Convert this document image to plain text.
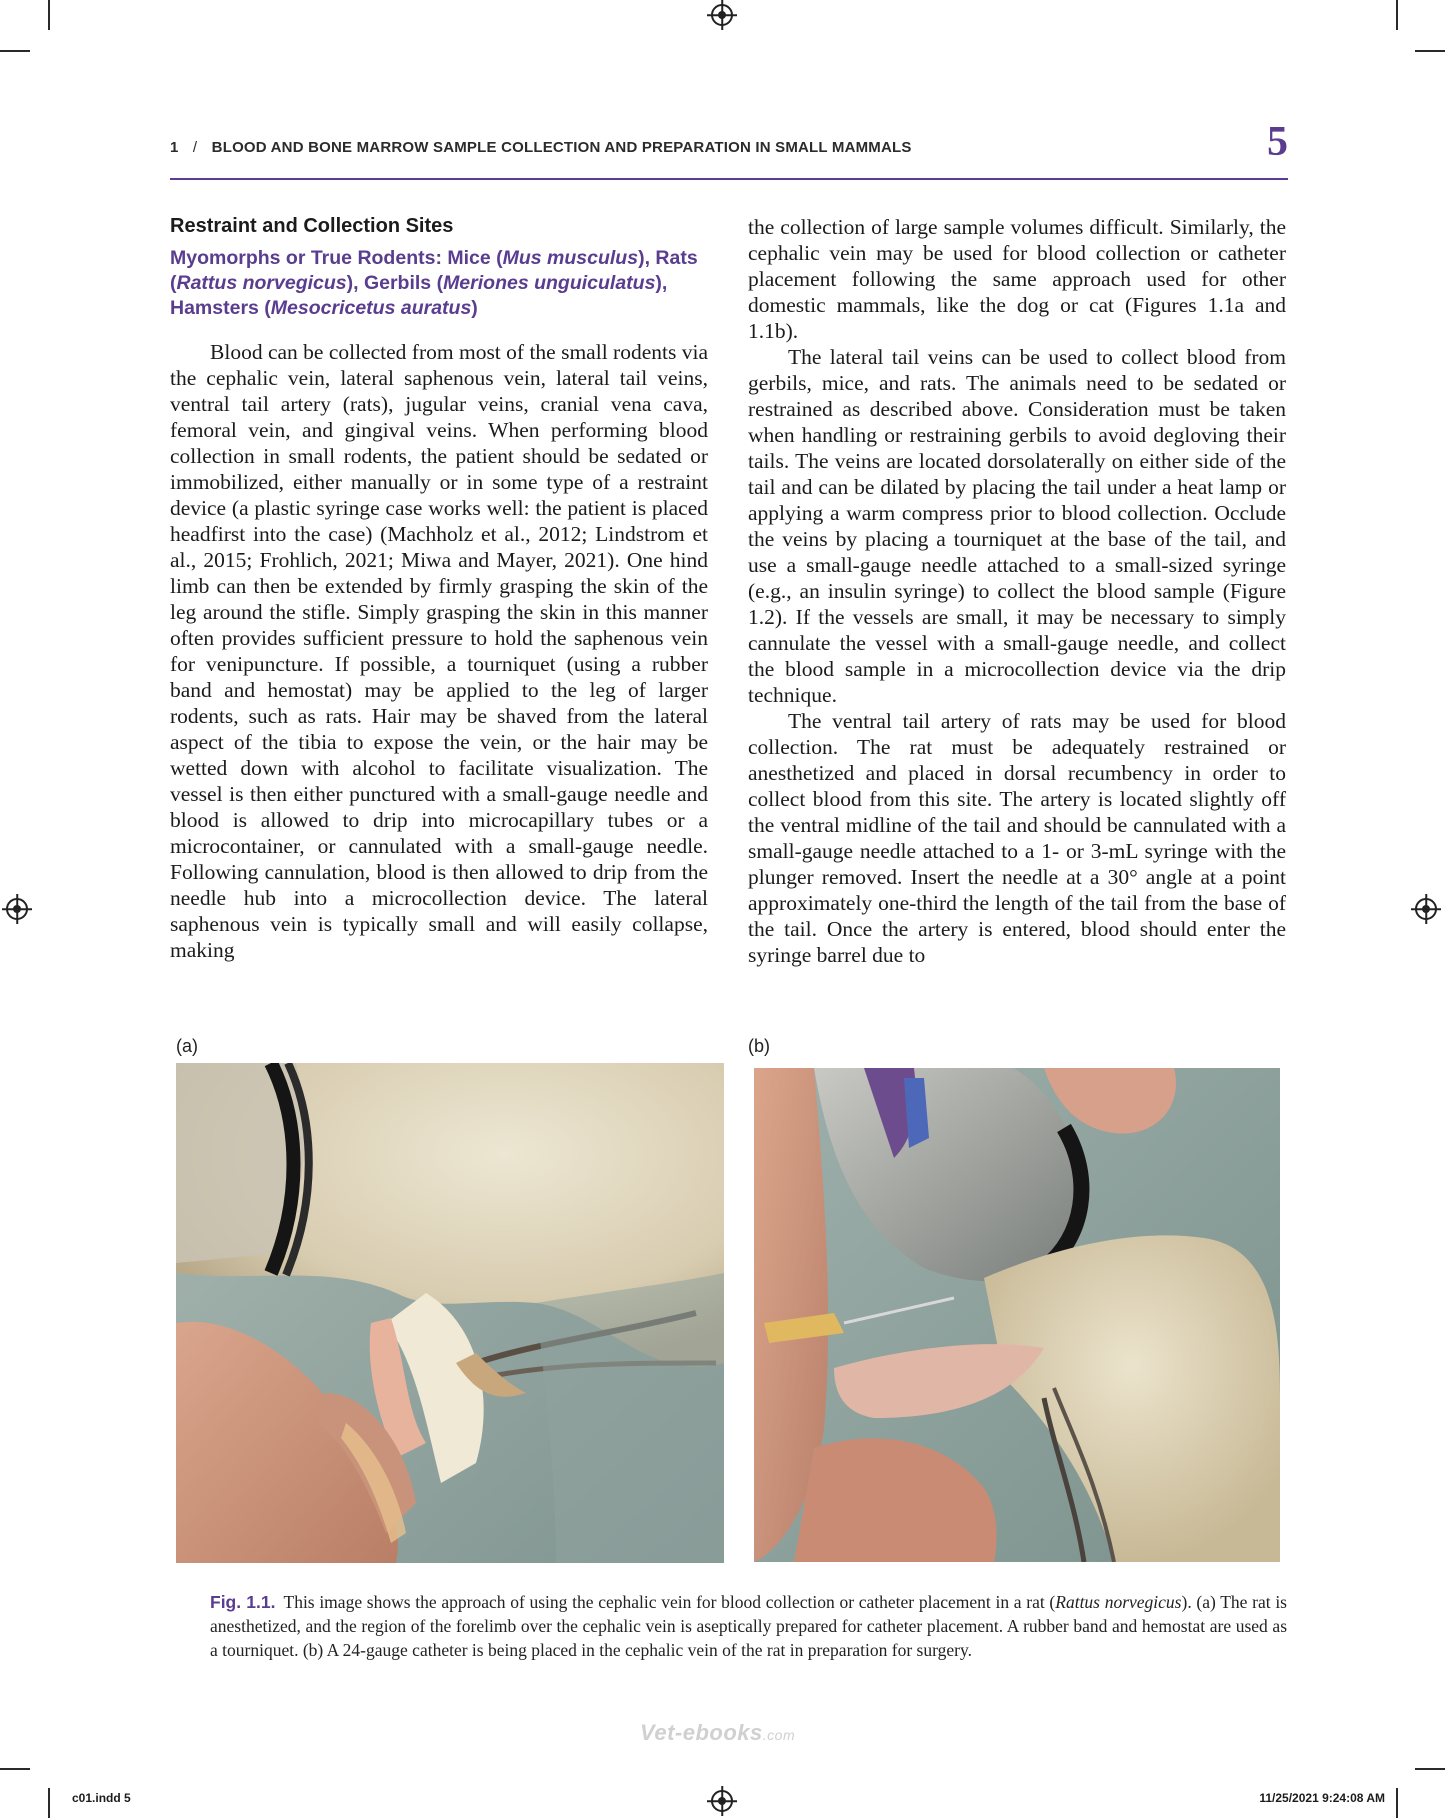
1 / BLOOD AND BONE MARROW SAMPLE COLLECTION AND PREPARATION IN SMALL MAMMALS	5
Restraint and Collection Sites
Myomorphs or True Rodents: Mice (Mus musculus), Rats (Rattus norvegicus), Gerbils (Meriones unguiculatus), Hamsters (Mesocricetus auratus)

Blood can be collected from most of the small rodents via the cephalic vein, lateral saphenous vein, lateral tail veins, ventral tail artery (rats), jugular veins, cranial vena cava, femoral vein, and gingival veins. When performing blood collection in small rodents, the patient should be sedated or immobilized, either manually or in some type of a restraint device (a plastic syringe case works well: the patient is placed headfirst into the case) (Machholz et al., 2012; Lindstrom et al., 2015; Frohlich, 2021; Miwa and Mayer, 2021). One hind limb can then be extended by firmly grasping the skin of the leg around the stifle. Simply grasping the skin in this manner often provides sufficient pressure to hold the saphenous vein for venipuncture. If possible, a tourniquet (using a rubber band and hemostat) may be applied to the leg of larger rodents, such as rats. Hair may be shaved from the lateral aspect of the tibia to expose the vein, or the hair may be wetted down with alcohol to facilitate visualization. The vessel is then either punctured with a small-gauge needle and blood is allowed to drip into microcapillary tubes or a microcontainer, or cannulated with a small-gauge needle. Following cannulation, blood is then allowed to drip from the needle hub into a microcollection device. The lateral saphenous vein is typically small and will easily collapse, making

the collection of large sample volumes difficult. Similarly, the cephalic vein may be used for blood collection or catheter placement following the same approach used for other domestic mammals, like the dog or cat (Figures 1.1a and 1.1b).

The lateral tail veins can be used to collect blood from gerbils, mice, and rats. The animals need to be sedated or restrained as described above. Consideration must be taken when handling or restraining gerbils to avoid degloving their tails. The veins are located dorsolaterally on either side of the tail and can be dilated by placing the tail under a heat lamp or applying a warm compress prior to blood collection. Occlude the veins by placing a tourniquet at the base of the tail, and use a small-gauge needle attached to a small-sized syringe (e.g., an insulin syringe) to collect the blood sample (Figure 1.2). If the vessels are small, it may be necessary to simply cannulate the vessel with a small-gauge needle, and collect the blood sample in a microcollection device via the drip technique.

The ventral tail artery of rats may be used for blood collection. The rat must be adequately restrained or anesthetized and placed in dorsal recumbency in order to collect blood from this site. The artery is located slightly off the ventral midline of the tail and should be cannulated with a small-gauge needle attached to a 1- or 3-mL syringe with the plunger removed. Insert the needle at a 30° angle at a point approximately one-third the length of the tail from the base of the tail. Once the artery is entered, blood should enter the syringe barrel due to

(a)	(b)
Fig. 1.1. This image shows the approach of using the cephalic vein for blood collection or catheter placement in a rat (Rattus norvegicus). (a) The rat is anesthetized, and the region of the forelimb over the cephalic vein is aseptically prepared for catheter placement. A rubber band and hemostat are used as a tourniquet. (b) A 24-gauge catheter is being placed in the cephalic vein of the rat in preparation for surgery.
Vet-ebooks.com
c01.indd 5	11/25/2021 9:24:08 AM
